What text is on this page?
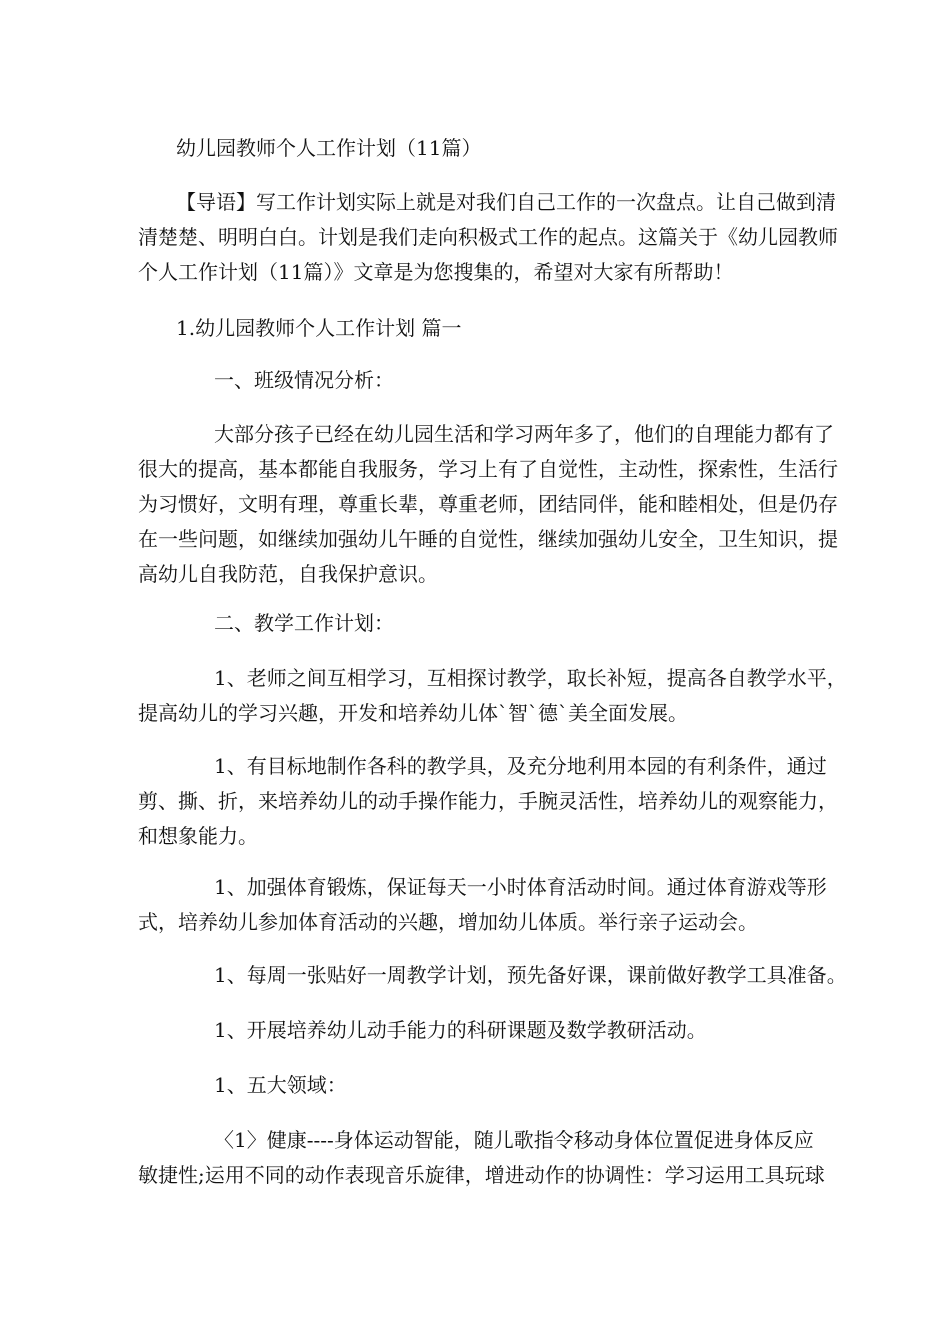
幼儿园教师个人工作计划（11篇）

【导语】写工作计划实际上就是对我们自己工作的一次盘点。让自己做到清
清楚楚、明明白白。计划是我们走向积极式工作的起点。这篇关于《幼儿园教师
个人工作计划（11篇）》文章是为您搜集的，希望对大家有所帮助！

1.幼儿园教师个人工作计划 篇一

一、班级情况分析：

大部分孩子已经在幼儿园生活和学习两年多了，他们的自理能力都有了
很大的提高，基本都能自我服务，学习上有了自觉性，主动性，探索性，生活行
为习惯好，文明有理，尊重长辈，尊重老师，团结同伴，能和睦相处，但是仍存
在一些问题，如继续加强幼儿午睡的自觉性，继续加强幼儿安全，卫生知识，提
高幼儿自我防范，自我保护意识。

二、教学工作计划：

1、老师之间互相学习，互相探讨教学，取长补短，提高各自教学水平，
提高幼儿的学习兴趣，开发和培养幼儿体`智`德`美全面发展。
1、有目标地制作各科的教学具，及充分地利用本园的有利条件，通过
剪、撕、折，来培养幼儿的动手操作能力，手腕灵活性，培养幼儿的观察能力，
和想象能力。
1、加强体育锻炼，保证每天一小时体育活动时间。通过体育游戏等形
式，培养幼儿参加体育活动的兴趣，增加幼儿体质。举行亲子运动会。

1、每周一张贴好一周教学计划，预先备好课，课前做好教学工具准备。

1、开展培养幼儿动手能力的科研课题及数学教研活动。

1、五大领域：

〈1〉健康----身体运动智能，随儿歌指令移动身体位置促进身体反应
敏捷性;运用不同的动作表现音乐旋律，增进动作的协调性：学习运用工具玩球
